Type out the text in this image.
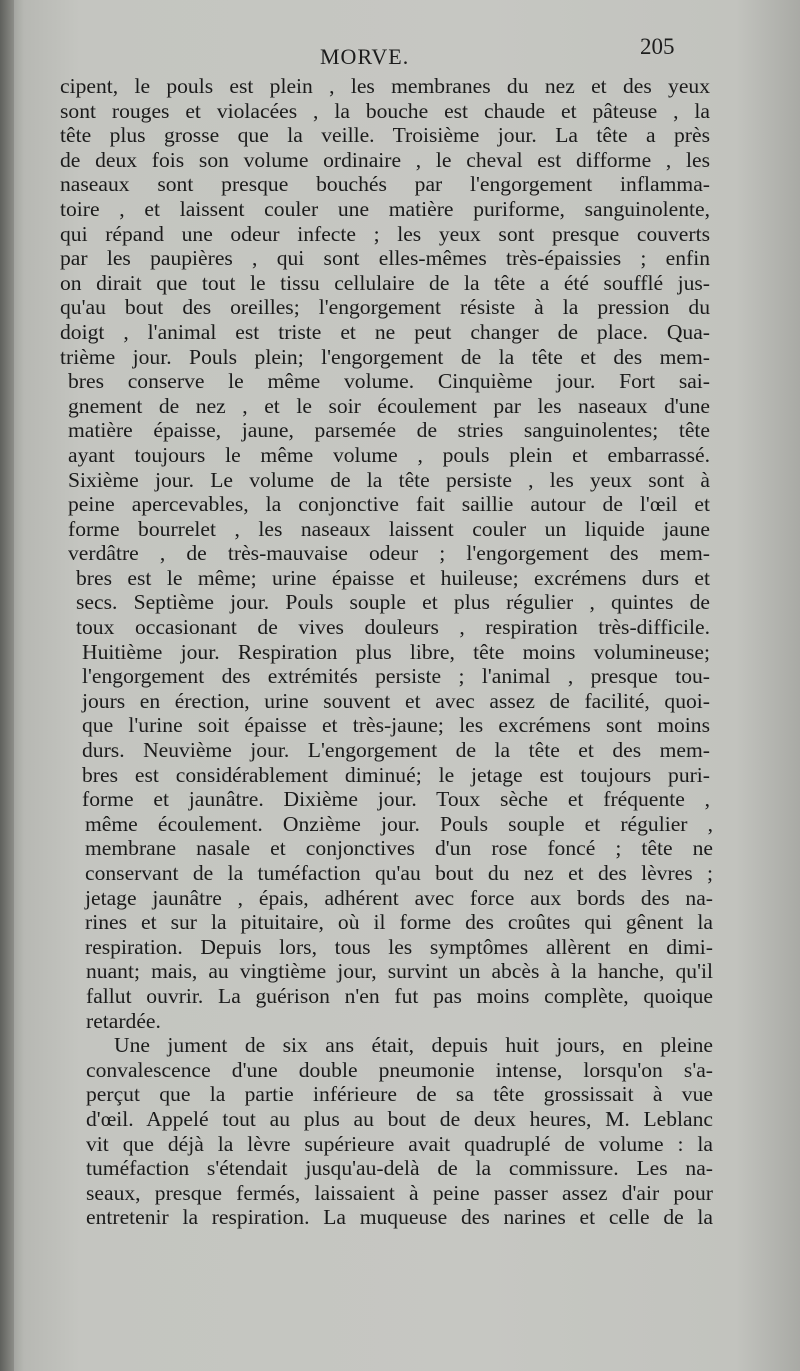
MORVE.	205
cipent, le pouls est plein , les membranes du nez et des yeux
sont rouges et violacées , la bouche est chaude et pâteuse , la
tête plus grosse que la veille. Troisième jour. La tête a près
de deux fois son volume ordinaire , le cheval est difforme , les
naseaux sont presque bouchés par l'engorgement inflamma-
toire , et laissent couler une matière puriforme, sanguinolente,
qui répand une odeur infecte ; les yeux sont presque couverts
par les paupières , qui sont elles-mêmes très-épaissies ; enfin
on dirait que tout le tissu cellulaire de la tête a été soufflé jus-
qu'au bout des oreilles; l'engorgement résiste à la pression du
doigt , l'animal est triste et ne peut changer de place. Qua-
trième jour. Pouls plein; l'engorgement de la tête et des mem-
bres conserve le même volume. Cinquième jour. Fort sai-
gnement de nez , et le soir écoulement par les naseaux d'une
matière épaisse, jaune, parsemée de stries sanguinolentes; tête
ayant toujours le même volume , pouls plein et embarrassé.
Sixième jour. Le volume de la tête persiste , les yeux sont à
peine apercevables, la conjonctive fait saillie autour de l'œil et
forme bourrelet , les naseaux laissent couler un liquide jaune
verdâtre , de très-mauvaise odeur ; l'engorgement des mem-
bres est le même; urine épaisse et huileuse; excrémens durs et
secs. Septième jour. Pouls souple et plus régulier , quintes de
toux occasionant de vives douleurs , respiration très-difficile.
Huitième jour. Respiration plus libre, tête moins volumineuse;
l'engorgement des extrémités persiste ; l'animal , presque tou-
jours en érection, urine souvent et avec assez de facilité, quoi-
que l'urine soit épaisse et très-jaune; les excrémens sont moins
durs. Neuvième jour. L'engorgement de la tête et des mem-
bres est considérablement diminué; le jetage est toujours puri-
forme et jaunâtre. Dixième jour. Toux sèche et fréquente ,
même écoulement. Onzième jour. Pouls souple et régulier ,
membrane nasale et conjonctives d'un rose foncé ; tête ne
conservant de la tuméfaction qu'au bout du nez et des lèvres ;
jetage jaunâtre , épais, adhérent avec force aux bords des na-
rines et sur la pituitaire, où il forme des croûtes qui gênent la
respiration. Depuis lors, tous les symptômes allèrent en dimi-
nuant; mais, au vingtième jour, survint un abcès à la hanche, qu'il
fallut ouvrir. La guérison n'en fut pas moins complète, quoique
retardée.
Une jument de six ans était, depuis huit jours, en pleine
convalescence d'une double pneumonie intense, lorsqu'on s'a-
perçut que la partie inférieure de sa tête grossissait à vue
d'œil. Appelé tout au plus au bout de deux heures, M. Leblanc
vit que déjà la lèvre supérieure avait quadruplé de volume : la
tuméfaction s'étendait jusqu'au-delà de la commissure. Les na-
seaux, presque fermés, laissaient à peine passer assez d'air pour
entretenir la respiration. La muqueuse des narines et celle de la
